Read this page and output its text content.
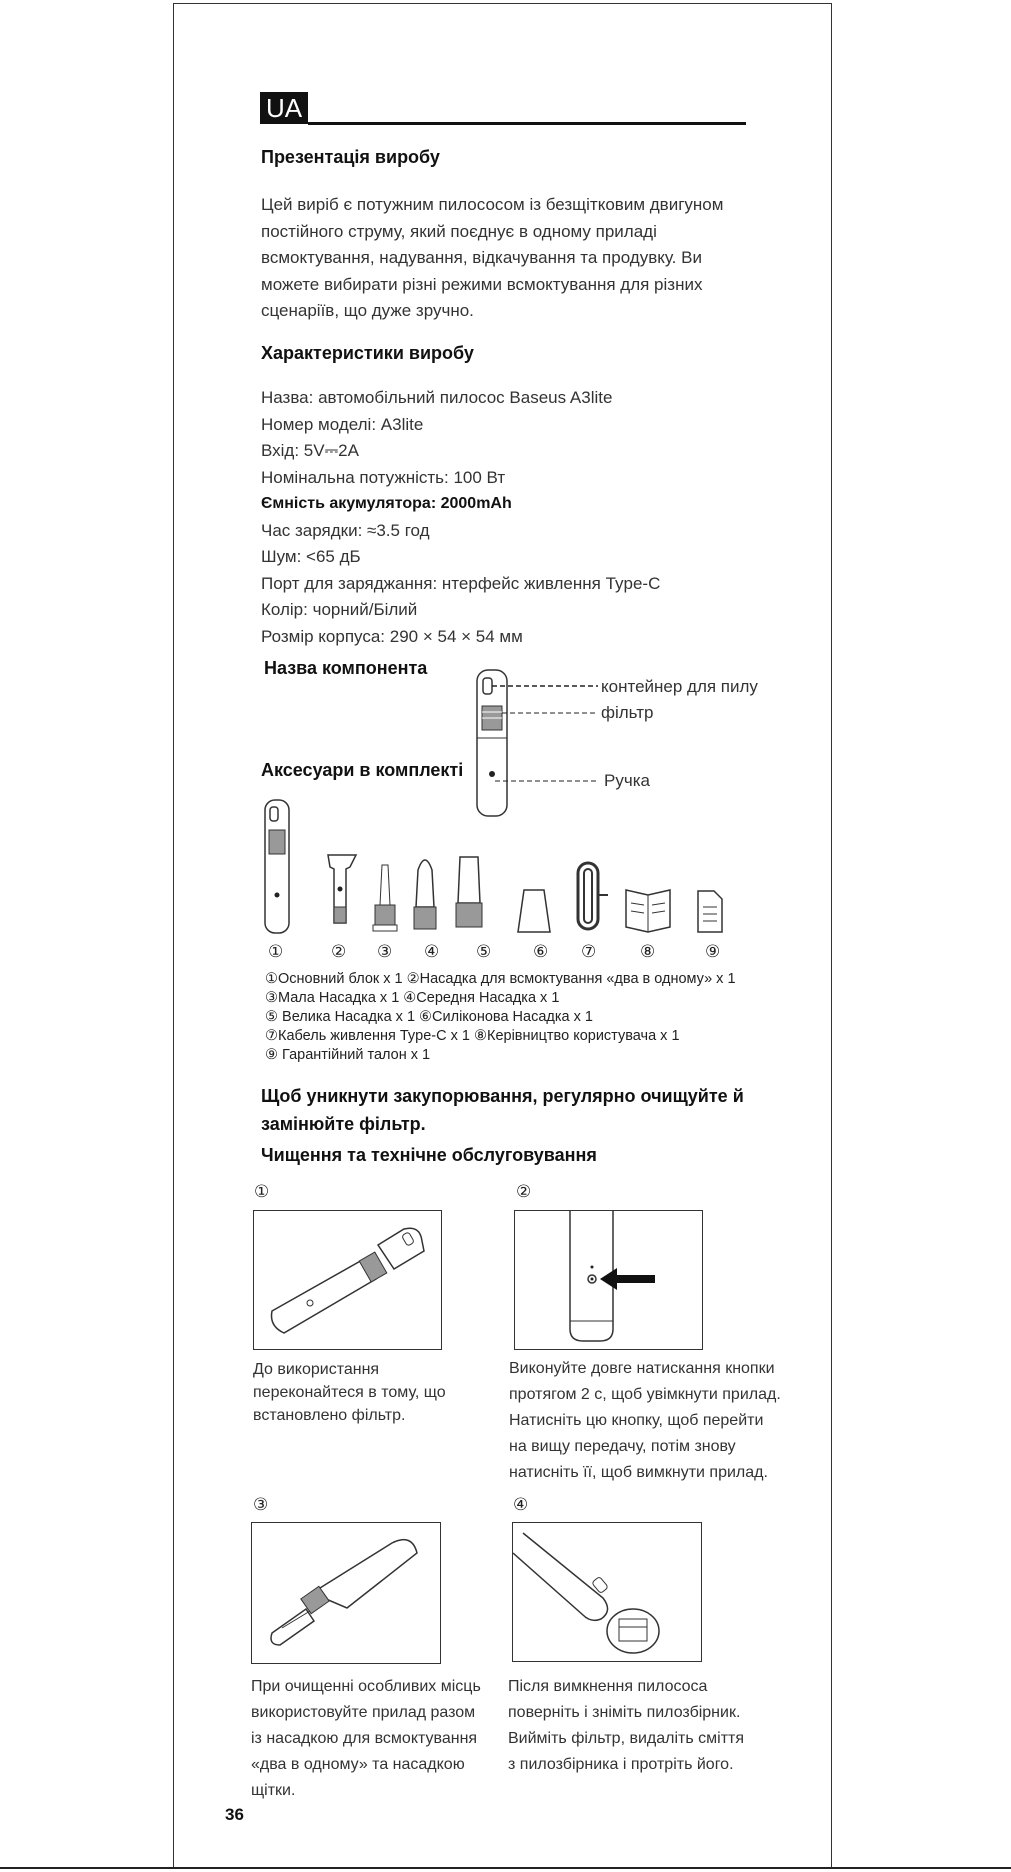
UA
Презентація виробу
Цей виріб є потужним пилососом із безщітковим двигуном
постійного струму, який поєднує в одному приладі
всмоктування, надування, відкачування та продувку. Ви
можете вибирати різні режими всмоктування для різних
сценаріїв, що дуже зручно.
Характеристики виробу
Назва: автомобільний пилосос Baseus A3lite
Номер моделі: A3lite
Вхід: 5V⎓2A
Номінальна потужність: 100 Вт
Ємність акумулятора: 2000mAh
Час зарядки: ≈3.5 год
Шум: <65 дБ
Порт для заряджання: нтерфейс живлення Type-C
Колір: чорний/Білий
Розмір корпуса: 290 × 54 × 54 мм
Назва компонента
контейнер для пилу
фільтр
Ручка
Аксесуари в комплекті
①	② ③ ④ ⑤ ⑥ ⑦	⑧	⑨
①Основний блок x 1 ②Насадка для всмоктування «два в одному» x 1
③Мала Насадка x 1 ④Середня Насадка x 1
⑤ Велика Насадка x 1 ⑥Силіконова Насадка x 1
⑦Кабель живлення Type-C x 1 ⑧Керівництво користувача x 1
⑨ Гарантійний талон x 1
Щоб уникнути закупорювання, регулярно очищуйте й
замінюйте фільтр.
Чищення та технічне обслуговування
①
До використання
переконайтеся в тому, що
встановлено фільтр.
②
Виконуйте довге натискання кнопки
протягом 2 с, щоб увімкнути прилад.
Натисніть цю кнопку, щоб перейти
на вищу передачу, потім знову
натисніть її, щоб вимкнути прилад.
③
При очищенні особливих місць
використовуйте прилад разом
із насадкою для всмоктування
«два в одному» та насадкою
щітки.
④
Після вимкнення пилососа
поверніть і зніміть пилозбірник.
Вийміть фільтр, видаліть сміття
з пилозбірника і протріть його.
36
